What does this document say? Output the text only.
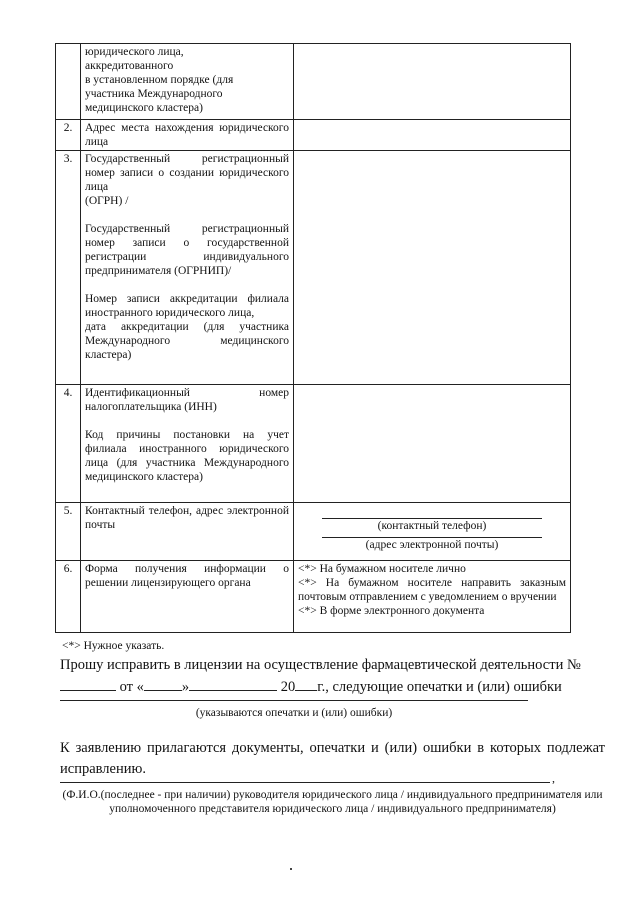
	юридического лица,

аккредитованного

в установленном порядке (для

участника Международного

медицинского кластера)	

2.	Адрес места нахождения юридического лица	

3.	Государственный регистрационный номер записи о создании юридического лица

(ОГРН) /

Государственный регистрационный номер записи о государственной регистрации индивидуального предпринимателя (ОГРНИП)/

Номер записи аккредитации филиала иностранного юридического лица,

дата аккредитации (для участника Международного медицинского кластера)	

4.	Идентификационный номер налогоплательщика (ИНН)

Код причины постановки на учет филиала иностранного юридического лица (для участника Международного медицинского кластера)	

5.	Контактный телефон, адрес электронной почты	(контактный телефон)
(адрес электронной почты)

6.	Форма получения информации о решении лицензирующего органа	<*> На бумажном носителе лично

<*> На бумажном носителе направить заказным почтовым отправлением с уведомлением о вручении

<*> В форме электронного документа

<*> Нужное указать.
Прошу исправить в лицензии на осуществление фармацевтической деятельности №
от «	»	20 г., следующие опечатки и (или) ошибки
(указываются опечатки и (или) ошибки)
К заявлению прилагаются документы, опечатки и (или) ошибки в которых подлежат исправлению.
,
(Ф.И.О.(последнее - при наличии) руководителя юридического лица / индивидуального предпринимателя или уполномоченного представителя юридического лица / индивидуального предпринимателя)
